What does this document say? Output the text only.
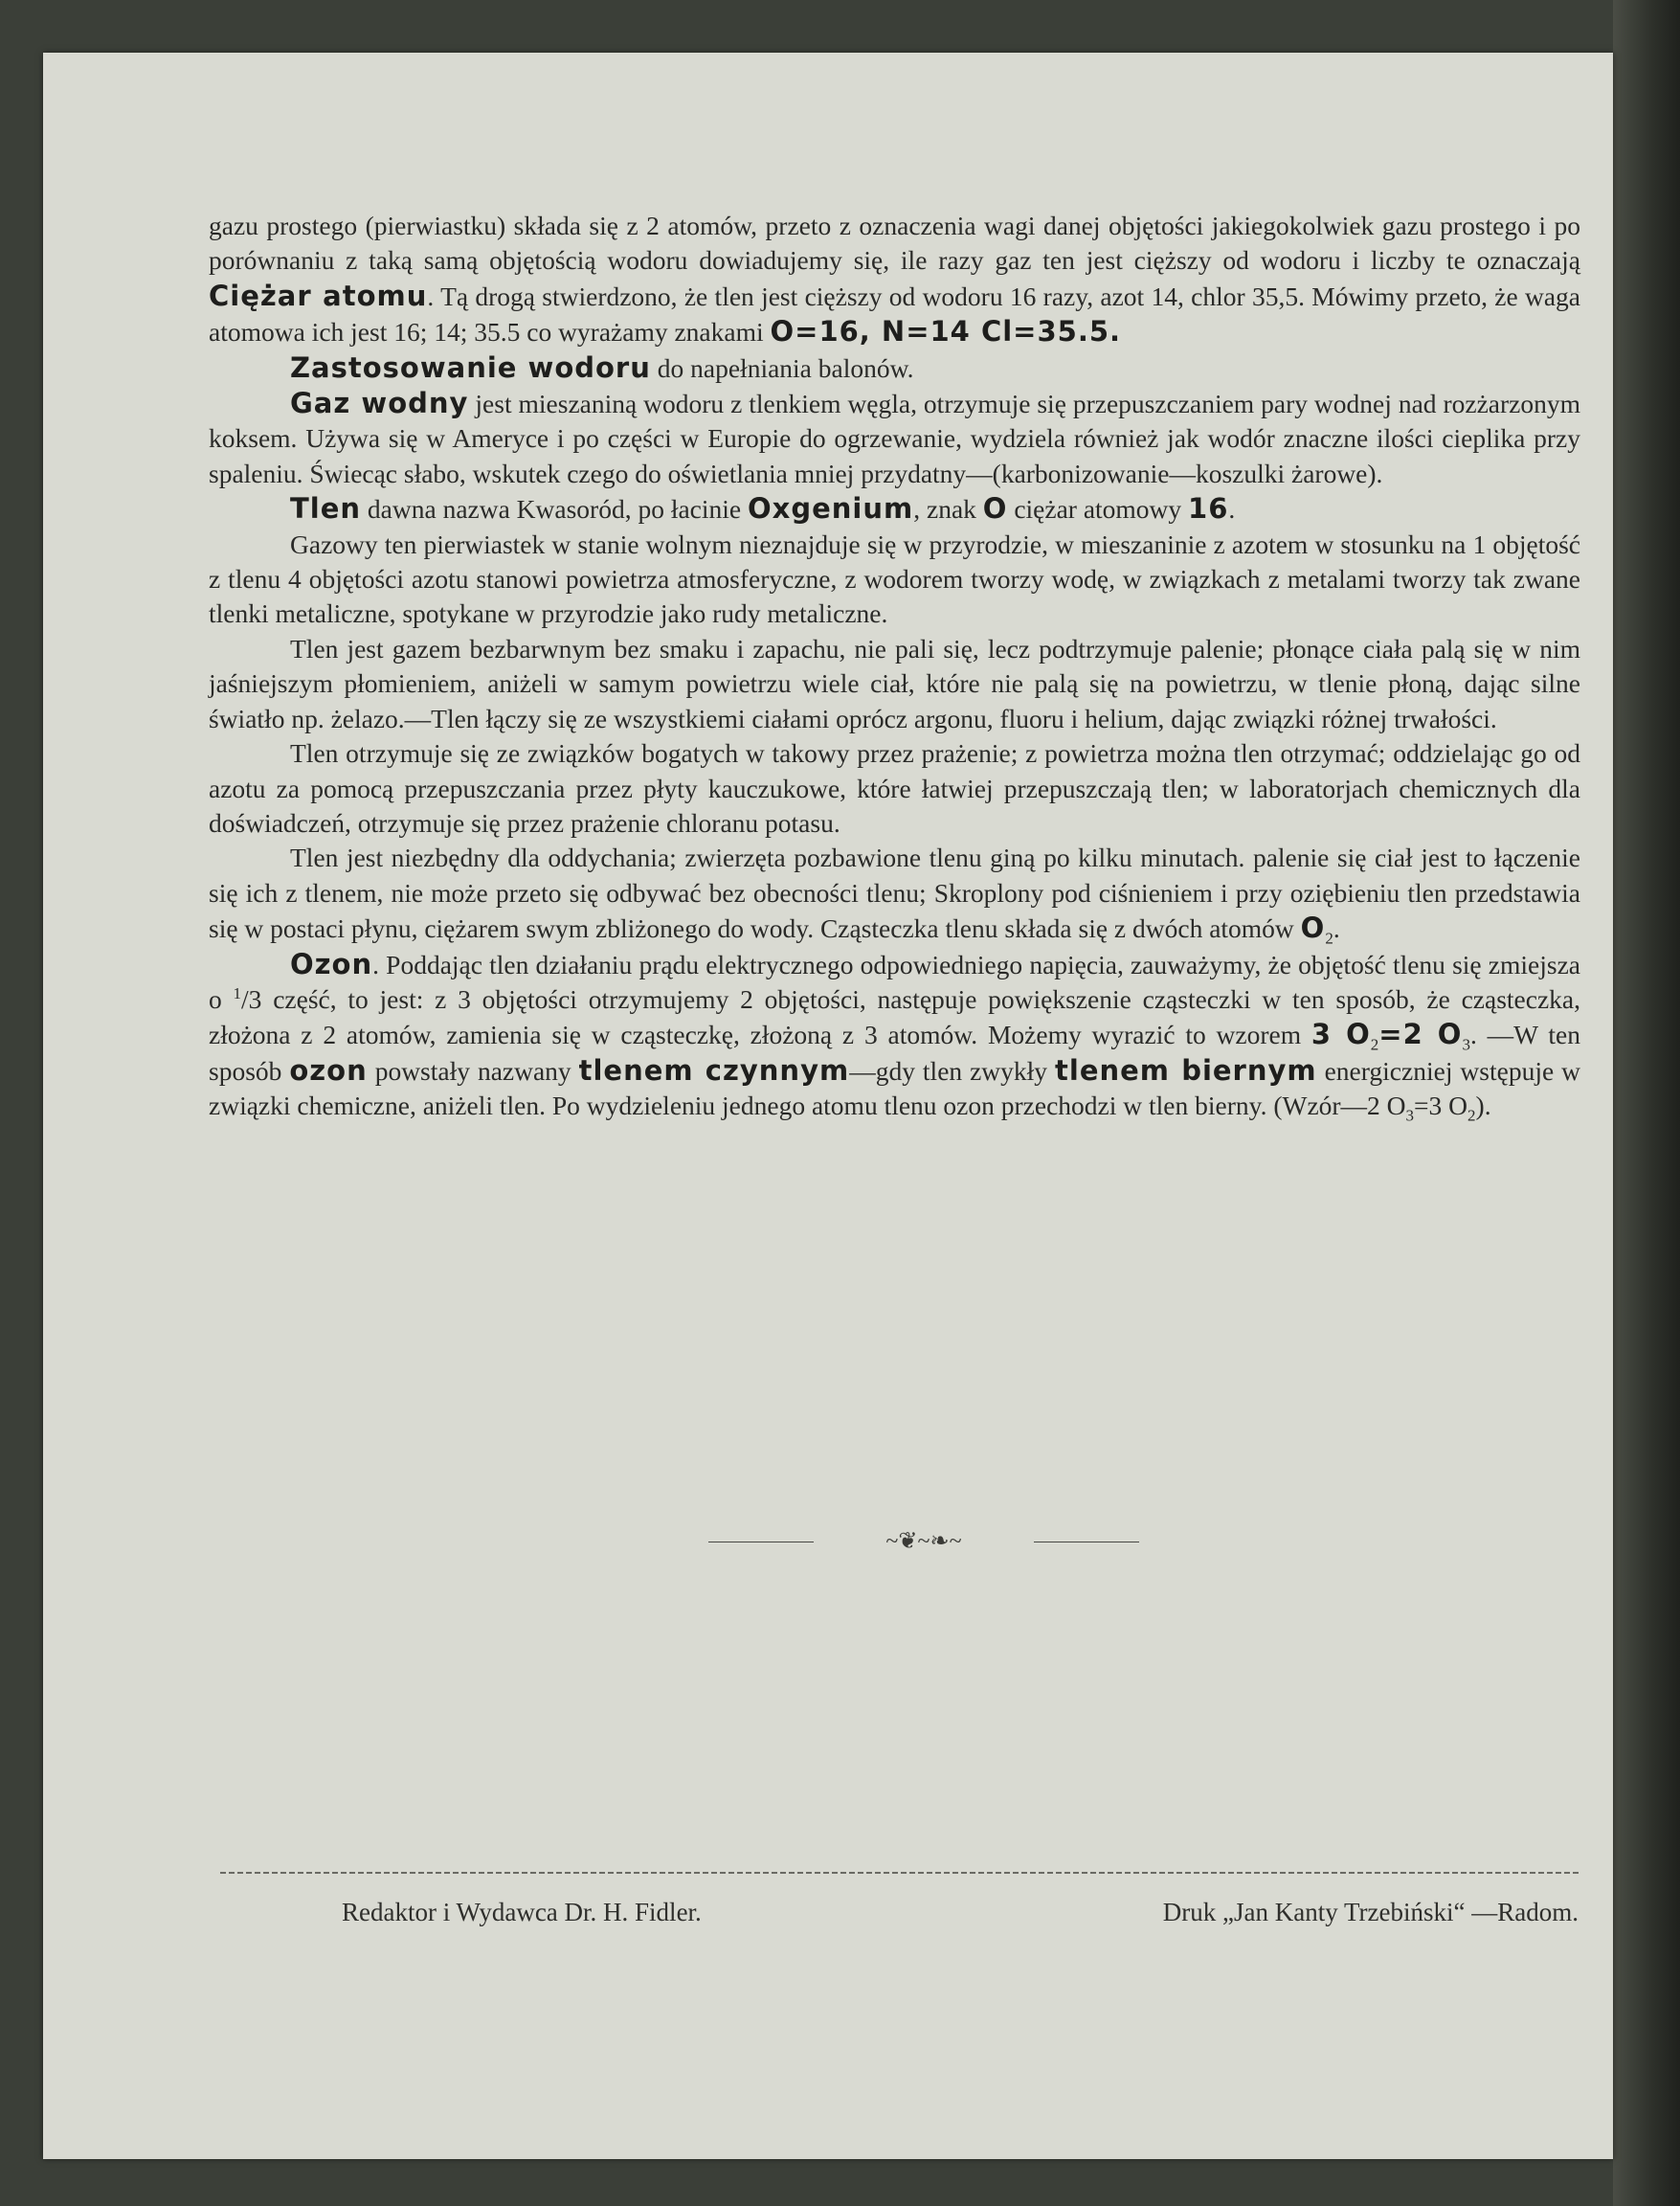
gazu prostego (pierwiastku) składa się z 2 atomów, przeto z oznaczenia wagi danej objętości jakiegokolwiek gazu prostego i po porównaniu z taką samą objętością wodoru dowiadujemy się, ile razy gaz ten jest cięższy od wodoru i liczby te oznaczają Ciężar atomu. Tą drogą stwierdzono, że tlen jest cięższy od wodoru 16 razy, azot 14, chlor 35,5. Mówimy przeto, że waga atomowa ich jest 16; 14; 35.5 co wyrażamy znakami O=16, N=14 Cl=35.5.

Zastosowanie wodoru do napełniania balonów.

Gaz wodny jest mieszaniną wodoru z tlenkiem węgla, otrzymuje się przepuszczaniem pary wodnej nad rozżarzonym koksem. Używa się w Ameryce i po części w Europie do ogrzewanie, wydziela również jak wodór znaczne ilości cieplika przy spaleniu. Świecąc słabo, wskutek czego do oświetlania mniej przydatny—(karbonizowanie—koszulki żarowe).

Tlen dawna nazwa Kwasoród, po łacinie Oxgenium, znak O ciężar atomowy 16.

Gazowy ten pierwiastek w stanie wolnym nieznajduje się w przyrodzie, w mieszaninie z azotem w stosunku na 1 objętość z tlenu 4 objętości azotu stanowi powietrza atmosferyczne, z wodorem tworzy wodę, w związkach z metalami tworzy tak zwane tlenki metaliczne, spotykane w przyrodzie jako rudy metaliczne.

Tlen jest gazem bezbarwnym bez smaku i zapachu, nie pali się, lecz podtrzymuje palenie; płonące ciała palą się w nim jaśniejszym płomieniem, aniżeli w samym powietrzu wiele ciał, które nie palą się na powietrzu, w tlenie płoną, dając silne światło np. żelazo.—Tlen łączy się ze wszystkiemi ciałami oprócz argonu, fluoru i helium, dając związki różnej trwałości.

Tlen otrzymuje się ze związków bogatych w takowy przez prażenie; z powietrza można tlen otrzymać; oddzielając go od azotu za pomocą przepuszczania przez płyty kauczukowe, które łatwiej przepuszczają tlen; w laboratorjach chemicznych dla doświadczeń, otrzymuje się przez prażenie chloranu potasu.

Tlen jest niezbędny dla oddychania; zwierzęta pozbawione tlenu giną po kilku minutach. palenie się ciał jest to łączenie się ich z tlenem, nie może przeto się odbywać bez obecności tlenu; Skroplony pod ciśnieniem i przy oziębieniu tlen przedstawia się w postaci płynu, ciężarem swym zbliżonego do wody. Cząsteczka tlenu składa się z dwóch atomów $O_2$.

Ozon. Poddając tlen działaniu prądu elektrycznego odpowiedniego napięcia, zauważymy, że objętość tlenu się zmiejsza o $^1$/3 część, to jest: z 3 objętości otrzymujemy 2 objętości, następuje powiększenie cząsteczki w ten sposób, że cząsteczka, złożona z 2 atomów, zamienia się w cząsteczkę, złożoną z 3 atomów. Możemy wyrazić to wzorem 3 $O_2=2$ $O_3$. —W ten sposób ozon powstały nazwany tlenem czynnym—gdy tlen zwykły tlenem biernym energiczniej wstępuje w związki chemiczne, aniżeli tlen. Po wydzieleniu jednego atomu tlenu ozon przechodzi w tlen bierny. (Wzór—2 $O_3=3$ $O_2$).

~❦~❧~
Redaktor i Wydawca Dr. H. Fidler.	Druk „Jan Kanty Trzebiński“ —Radom.
